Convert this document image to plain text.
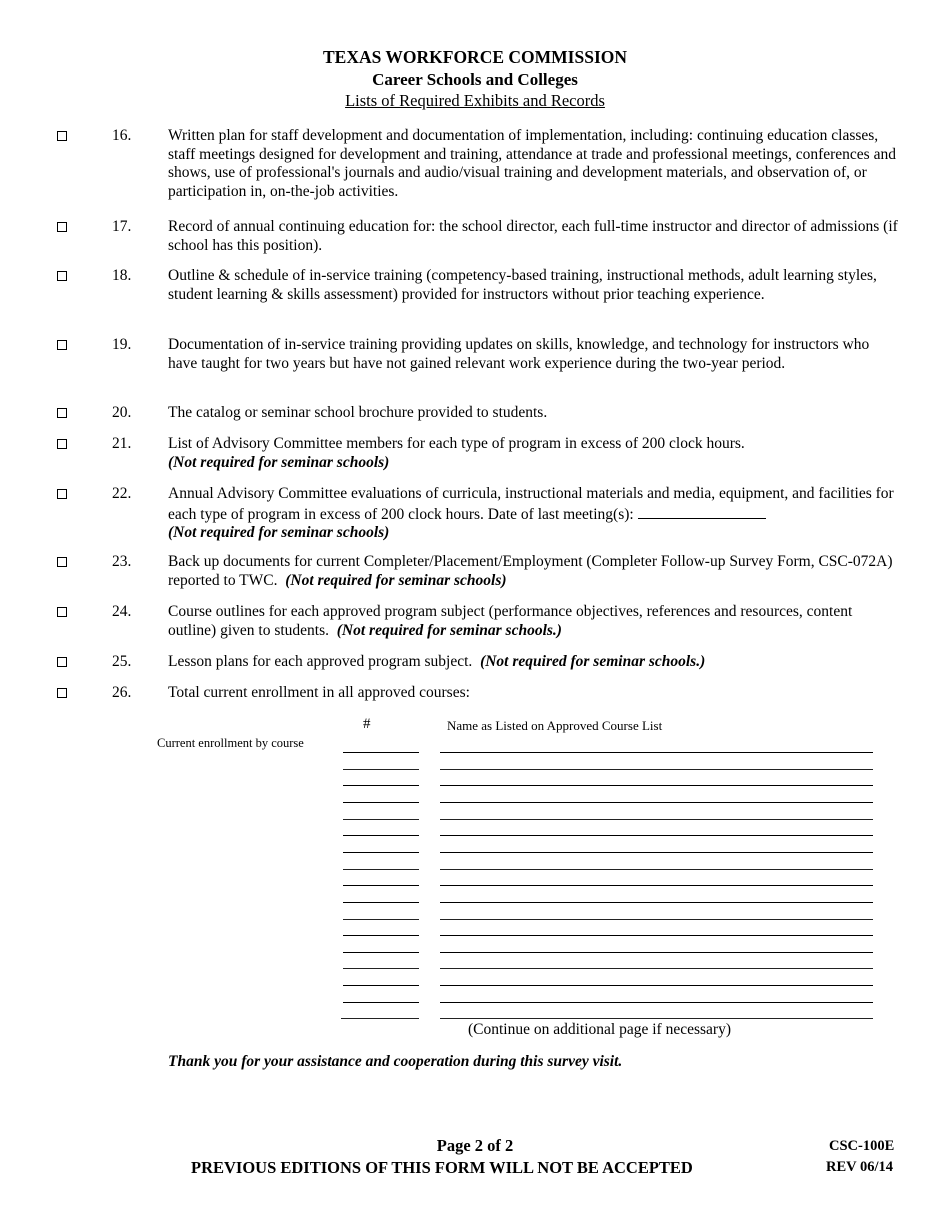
TEXAS WORKFORCE COMMISSION
Career Schools and Colleges
Lists of Required Exhibits and Records
16. Written plan for staff development and documentation of implementation, including: continuing education classes, staff meetings designed for development and training, attendance at trade and professional meetings, conferences and shows, use of professional's journals and audio/visual training and development materials, and observation of, or participation in, on-the-job activities.
17. Record of annual continuing education for: the school director, each full-time instructor and director of admissions (if school has this position).
18. Outline & schedule of in-service training (competency-based training, instructional methods, adult learning styles, student learning & skills assessment) provided for instructors without prior teaching experience.
19. Documentation of in-service training providing updates on skills, knowledge, and technology for instructors who have taught for two years but have not gained relevant work experience during the two-year period.
20. The catalog or seminar school brochure provided to students.
21. List of Advisory Committee members for each type of program in excess of 200 clock hours.
(Not required for seminar schools)
22. Annual Advisory Committee evaluations of curricula, instructional materials and media, equipment, and facilities for each type of program in excess of 200 clock hours. Date of last meeting(s):
(Not required for seminar schools)
23. Back up documents for current Completer/Placement/Employment (Completer Follow-up Survey Form, CSC-072A) reported to TWC. (Not required for seminar schools)
24. Course outlines for each approved program subject (performance objectives, references and resources, content outline) given to students. (Not required for seminar schools.)
25. Lesson plans for each approved program subject. (Not required for seminar schools.)
26. Total current enrollment in all approved courses:
Current enrollment by course
#	Name as Listed on Approved Course List
(Continue on additional page if necessary)
Thank you for your assistance and cooperation during this survey visit.
Page 2 of 2
PREVIOUS EDITIONS OF THIS FORM WILL NOT BE ACCEPTED
CSC-100E
REV 06/14
